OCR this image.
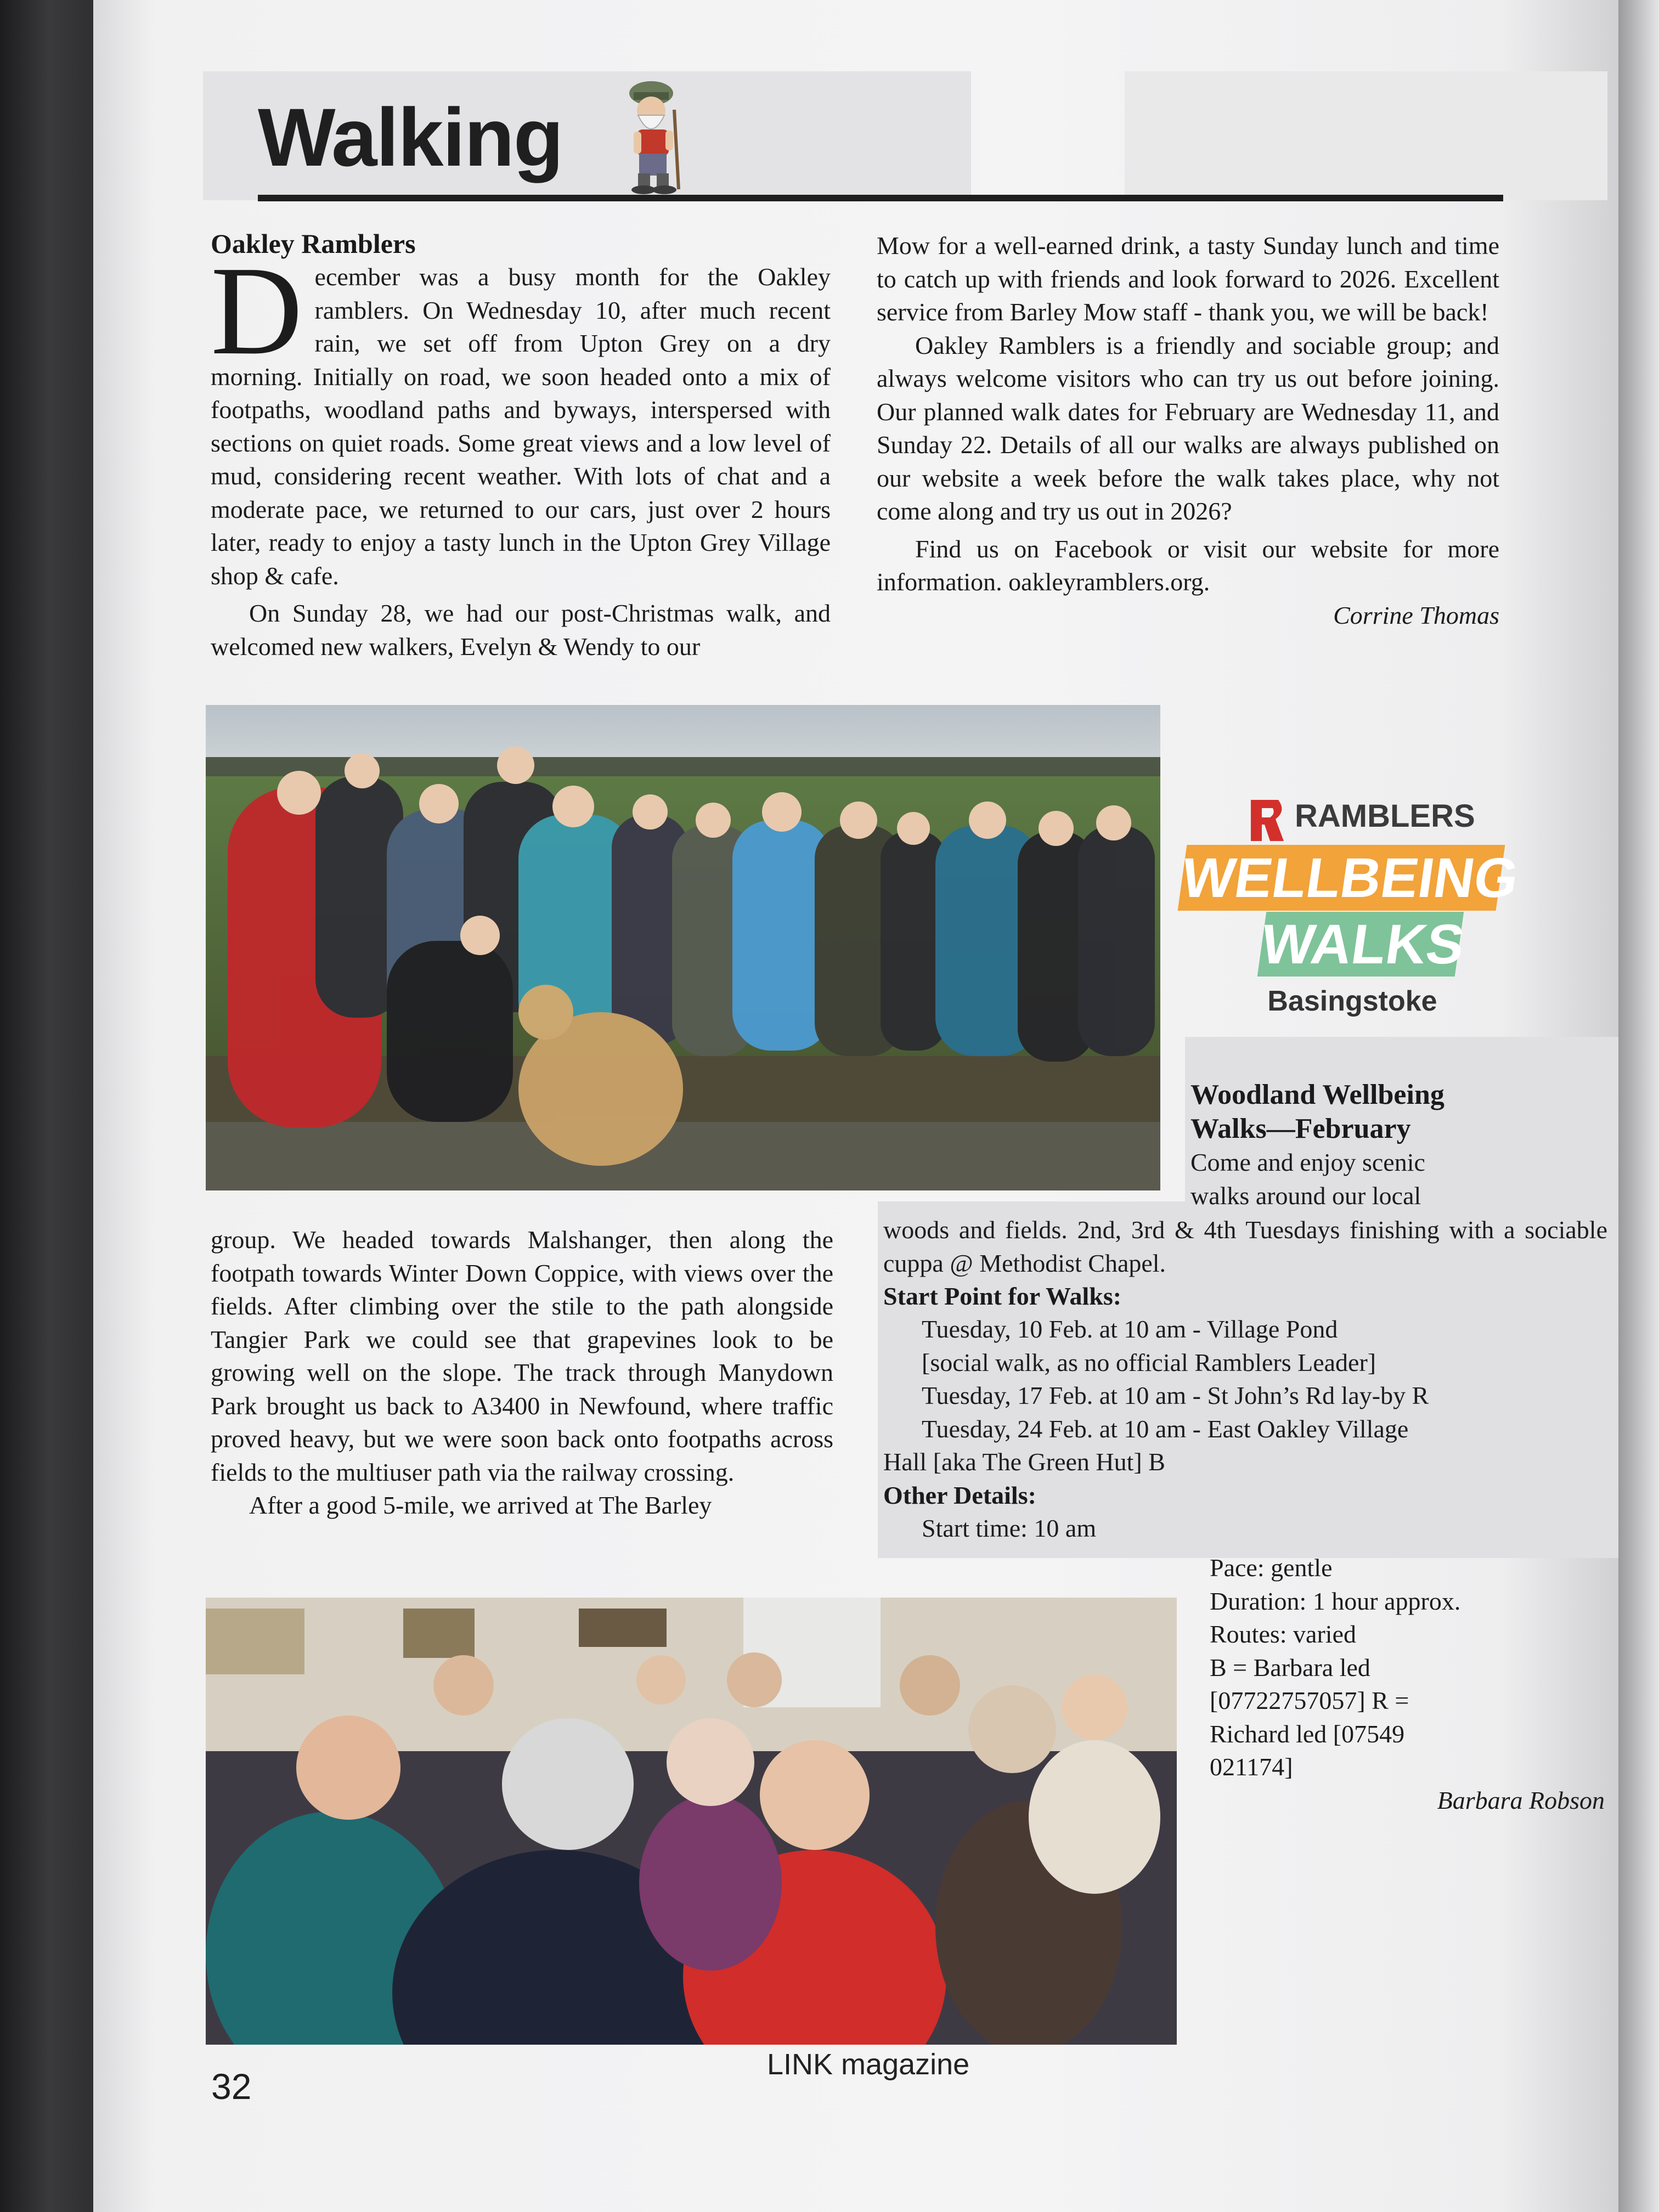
Walking
Oakley Ramblers

December was a busy month for the Oakley ramblers. On Wednesday 10, after much recent rain, we set off from Upton Grey on a dry morning. Initially on road, we soon headed onto a mix of footpaths, woodland paths and byways, interspersed with sections on quiet roads. Some great views and a low level of mud, considering recent weather. With lots of chat and a moderate pace, we returned to our cars, just over 2 hours later, ready to enjoy a tasty lunch in the Upton Grey Village shop & cafe.

On Sunday 28, we had our post-Christmas walk, and welcomed new walkers, Evelyn & Wendy to our

Mow for a well-earned drink, a tasty Sunday lunch and time to catch up with friends and look forward to 2026. Excellent service from Barley Mow staff - thank you, we will be back!

Oakley Ramblers is a friendly and sociable group; and always welcome visitors who can try us out before joining. Our planned walk dates for February are Wednesday 11, and Sunday 22. Details of all our walks are always published on our website a week before the walk takes place, why not come along and try us out in 2026?

Find us on Facebook or visit our website for more information. oakleyramblers.org.

Corrine Thomas
RAMBLERS
WELLBEING
WALKS
Basingstoke
Woodland Wellbeing
Walks—February
Come and enjoy scenic
walks around our local

woods and fields. 2nd, 3rd & 4th Tuesdays finishing with a sociable cuppa @ Methodist Chapel.

Start Point for Walks:
Tuesday, 10 Feb. at 10 am - Village Pond
[social walk, as no official Ramblers Leader]
Tuesday, 17 Feb. at 10 am - St John’s Rd lay-by R
Tuesday, 24 Feb. at 10 am - East Oakley Village
Hall [aka The Green Hut] B
Other Details:
Start time: 10 am
Pace: gentle
Duration: 1 hour approx.
Routes: varied
B = Barbara led
[07722757057] R =
Richard led [07549
021174]
Barbara Robson

group. We headed towards Malshanger, then along the footpath towards Winter Down Coppice, with views over the fields. After climbing over the stile to the path alongside Tangier Park we could see that grapevines look to be growing well on the slope. The track through Manydown Park brought us back to A3400 in Newfound, where traffic proved heavy, but we were soon back onto footpaths across fields to the multiuser path via the railway crossing.

After a good 5-mile, we arrived at The Barley

32
LINK magazine
